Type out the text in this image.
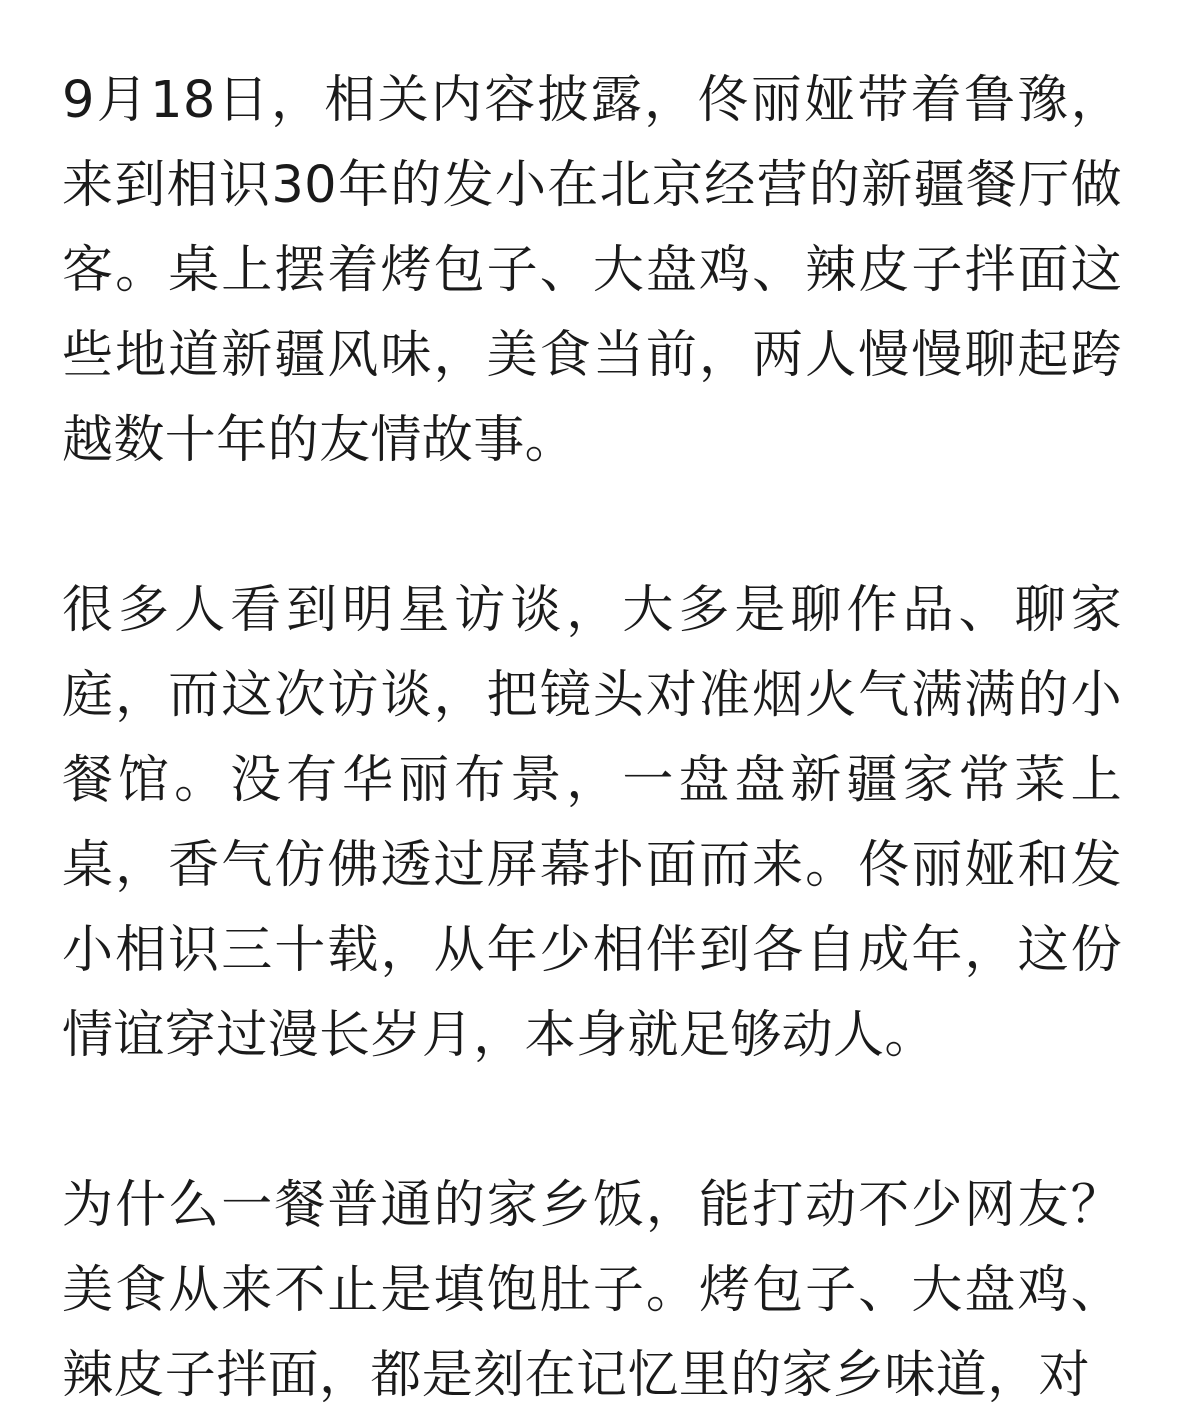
9月18日，相关内容披露，佟丽娅带着鲁豫，来到相识30年的发小在北京经营的新疆餐厅做客。桌上摆着烤包子、大盘鸡、辣皮子拌面这些地道新疆风味，美食当前，两人慢慢聊起跨越数十年的友情故事。

很多人看到明星访谈，大多是聊作品、聊家庭，而这次访谈，把镜头对准烟火气满满的小餐馆。没有华丽布景，一盘盘新疆家常菜上桌，香气仿佛透过屏幕扑面而来。佟丽娅和发小相识三十载，从年少相伴到各自成年，这份情谊穿过漫长岁月，本身就足够动人。

为什么一餐普通的家乡饭，能打动不少网友？美食从来不止是填饱肚子。烤包子、大盘鸡、辣皮子拌面，都是刻在记忆里的家乡味道，对
